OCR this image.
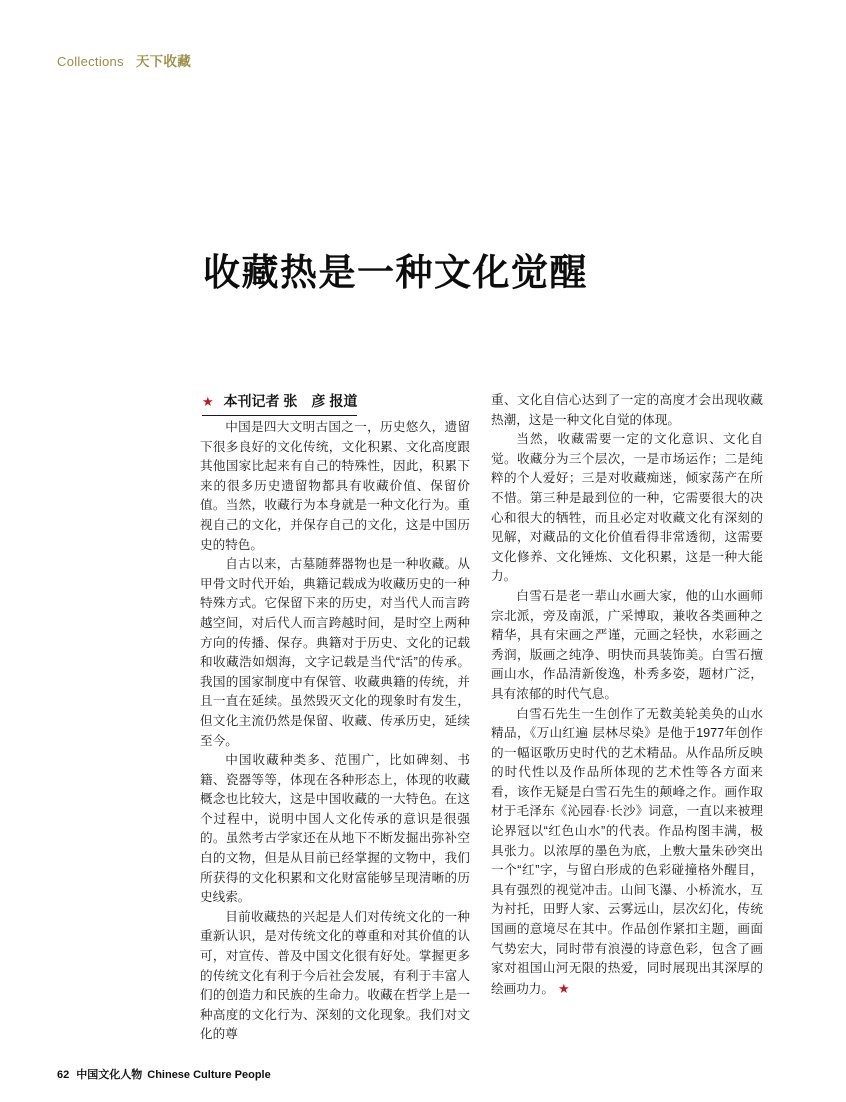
Collections 天下收藏
收藏热是一种文化觉醒
★ 本刊记者 张　彦 报道

中国是四大文明古国之一，历史悠久，遗留下很多良好的文化传统，文化积累、文化高度跟其他国家比起来有自己的特殊性，因此，积累下来的很多历史遗留物都具有收藏价值、保留价值。当然，收藏行为本身就是一种文化行为。重视自己的文化，并保存自己的文化，这是中国历史的特色。

自古以来，古墓随葬器物也是一种收藏。从甲骨文时代开始，典籍记载成为收藏历史的一种特殊方式。它保留下来的历史，对当代人而言跨越空间，对后代人而言跨越时间，是时空上两种方向的传播、保存。典籍对于历史、文化的记载和收藏浩如烟海，文字记载是当代“活”的传承。我国的国家制度中有保管、收藏典籍的传统，并且一直在延续。虽然毁灭文化的现象时有发生，但文化主流仍然是保留、收藏、传承历史，延续至今。

中国收藏种类多、范围广，比如碑刻、书籍、瓷器等等，体现在各种形态上，体现的收藏概念也比较大，这是中国收藏的一大特色。在这个过程中，说明中国人文化传承的意识是很强的。虽然考古学家还在从地下不断发掘出弥补空白的文物，但是从目前已经掌握的文物中，我们所获得的文化积累和文化财富能够呈现清晰的历史线索。

目前收藏热的兴起是人们对传统文化的一种重新认识，是对传统文化的尊重和对其价值的认可，对宣传、普及中国文化很有好处。掌握更多的传统文化有利于今后社会发展，有利于丰富人们的创造力和民族的生命力。收藏在哲学上是一种高度的文化行为、深刻的文化现象。我们对文化的尊

重、文化自信心达到了一定的高度才会出现收藏热潮，这是一种文化自觉的体现。

当然，收藏需要一定的文化意识、文化自觉。收藏分为三个层次，一是市场运作；二是纯粹的个人爱好；三是对收藏痴迷，倾家荡产在所不惜。第三种是最到位的一种，它需要很大的决心和很大的牺牲，而且必定对收藏文化有深刻的见解，对藏品的文化价值看得非常透彻，这需要文化修养、文化锤炼、文化积累，这是一种大能力。

白雪石是老一辈山水画大家，他的山水画师宗北派，旁及南派，广采博取，兼收各类画种之精华，具有宋画之严谨，元画之轻快，水彩画之秀润，版画之纯净、明快而具装饰美。白雪石擅画山水，作品清新俊逸，朴秀多姿，题材广泛，具有浓郁的时代气息。

白雪石先生一生创作了无数美轮美奂的山水精品，《万山红遍 层林尽染》是他于1977年创作的一幅讴歌历史时代的艺术精品。从作品所反映的时代性以及作品所体现的艺术性等各方面来看，该作无疑是白雪石先生的颠峰之作。画作取材于毛泽东《沁园春·长沙》词意，一直以来被理论界冠以“红色山水”的代表。作品构图丰满，极具张力。以浓厚的墨色为底，上敷大量朱砂突出一个“红”字，与留白形成的色彩碰撞格外醒目，具有强烈的视觉冲击。山间飞瀑、小桥流水，互为衬托，田野人家、云雾远山，层次幻化，传统国画的意境尽在其中。作品创作紧扣主题，画面气势宏大，同时带有浪漫的诗意色彩，包含了画家对祖国山河无限的热爱，同时展现出其深厚的绘画功力。 ★

62 中国文化人物 Chinese Culture People
